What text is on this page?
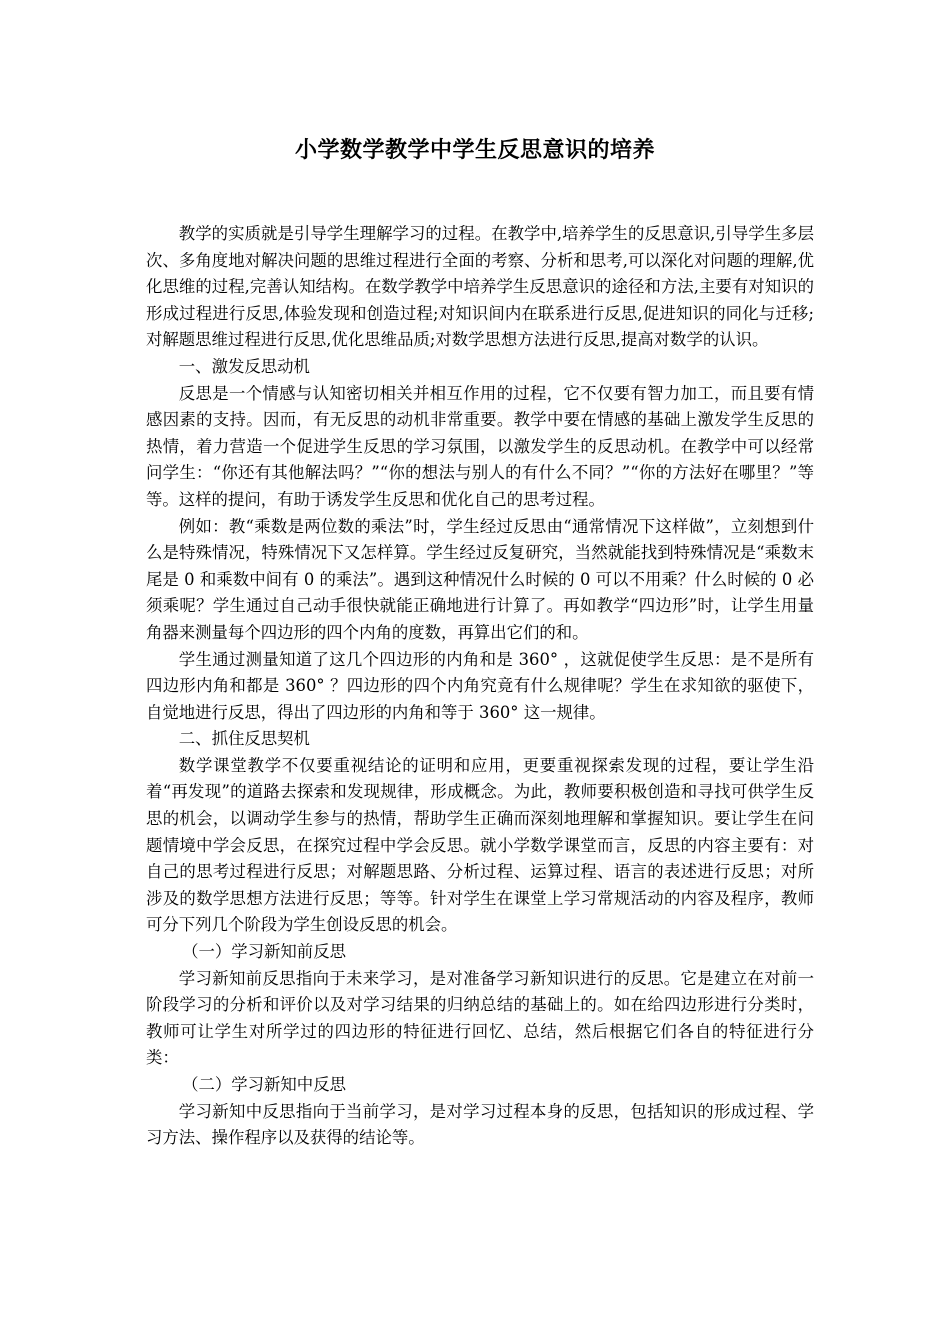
小学数学教学中学生反思意识的培养

教学的实质就是引导学生理解学习的过程。在教学中,培养学生的反思意识,引导学生多层次、多角度地对解决问题的思维过程进行全面的考察、分析和思考,可以深化对问题的理解,优化思维的过程,完善认知结构。在数学教学中培养学生反思意识的途径和方法,主要有对知识的形成过程进行反思,体验发现和创造过程;对知识间内在联系进行反思,促进知识的同化与迁移;对解题思维过程进行反思,优化思维品质;对数学思想方法进行反思,提高对数学的认识。

一、激发反思动机

反思是一个情感与认知密切相关并相互作用的过程，它不仅要有智力加工，而且要有情感因素的支持。因而，有无反思的动机非常重要。教学中要在情感的基础上激发学生反思的热情，着力营造一个促进学生反思的学习氛围，以激发学生的反思动机。在教学中可以经常问学生：“你还有其他解法吗？”“你的想法与别人的有什么不同？”“你的方法好在哪里？”等等。这样的提问，有助于诱发学生反思和优化自己的思考过程。

例如：教“乘数是两位数的乘法”时，学生经过反思由“通常情况下这样做”，立刻想到什么是特殊情况，特殊情况下又怎样算。学生经过反复研究，当然就能找到特殊情况是“乘数末尾是 0 和乘数中间有 0 的乘法”。遇到这种情况什么时候的 0 可以不用乘？什么时候的 0 必须乘呢？学生通过自己动手很快就能正确地进行计算了。再如教学“四边形”时，让学生用量角器来测量每个四边形的四个内角的度数，再算出它们的和。

学生通过测量知道了这几个四边形的内角和是 360° ，这就促使学生反思：是不是所有四边形内角和都是 360° ？四边形的四个内角究竟有什么规律呢？学生在求知欲的驱使下，自觉地进行反思，得出了四边形的内角和等于 360° 这一规律。

二、抓住反思契机

数学课堂教学不仅要重视结论的证明和应用，更要重视探索发现的过程，要让学生沿着“再发现”的道路去探索和发现规律，形成概念。为此，教师要积极创造和寻找可供学生反思的机会，以调动学生参与的热情，帮助学生正确而深刻地理解和掌握知识。要让学生在问题情境中学会反思，在探究过程中学会反思。就小学数学课堂而言，反思的内容主要有：对自己的思考过程进行反思；对解题思路、分析过程、运算过程、语言的表述进行反思；对所涉及的数学思想方法进行反思；等等。针对学生在课堂上学习常规活动的内容及程序，教师可分下列几个阶段为学生创设反思的机会。

（一）学习新知前反思

学习新知前反思指向于未来学习，是对准备学习新知识进行的反思。它是建立在对前一阶段学习的分析和评价以及对学习结果的归纳总结的基础上的。如在给四边形进行分类时，教师可让学生对所学过的四边形的特征进行回忆、总结，然后根据它们各自的特征进行分类：

（二）学习新知中反思

学习新知中反思指向于当前学习，是对学习过程本身的反思，包括知识的形成过程、学习方法、操作程序以及获得的结论等。
